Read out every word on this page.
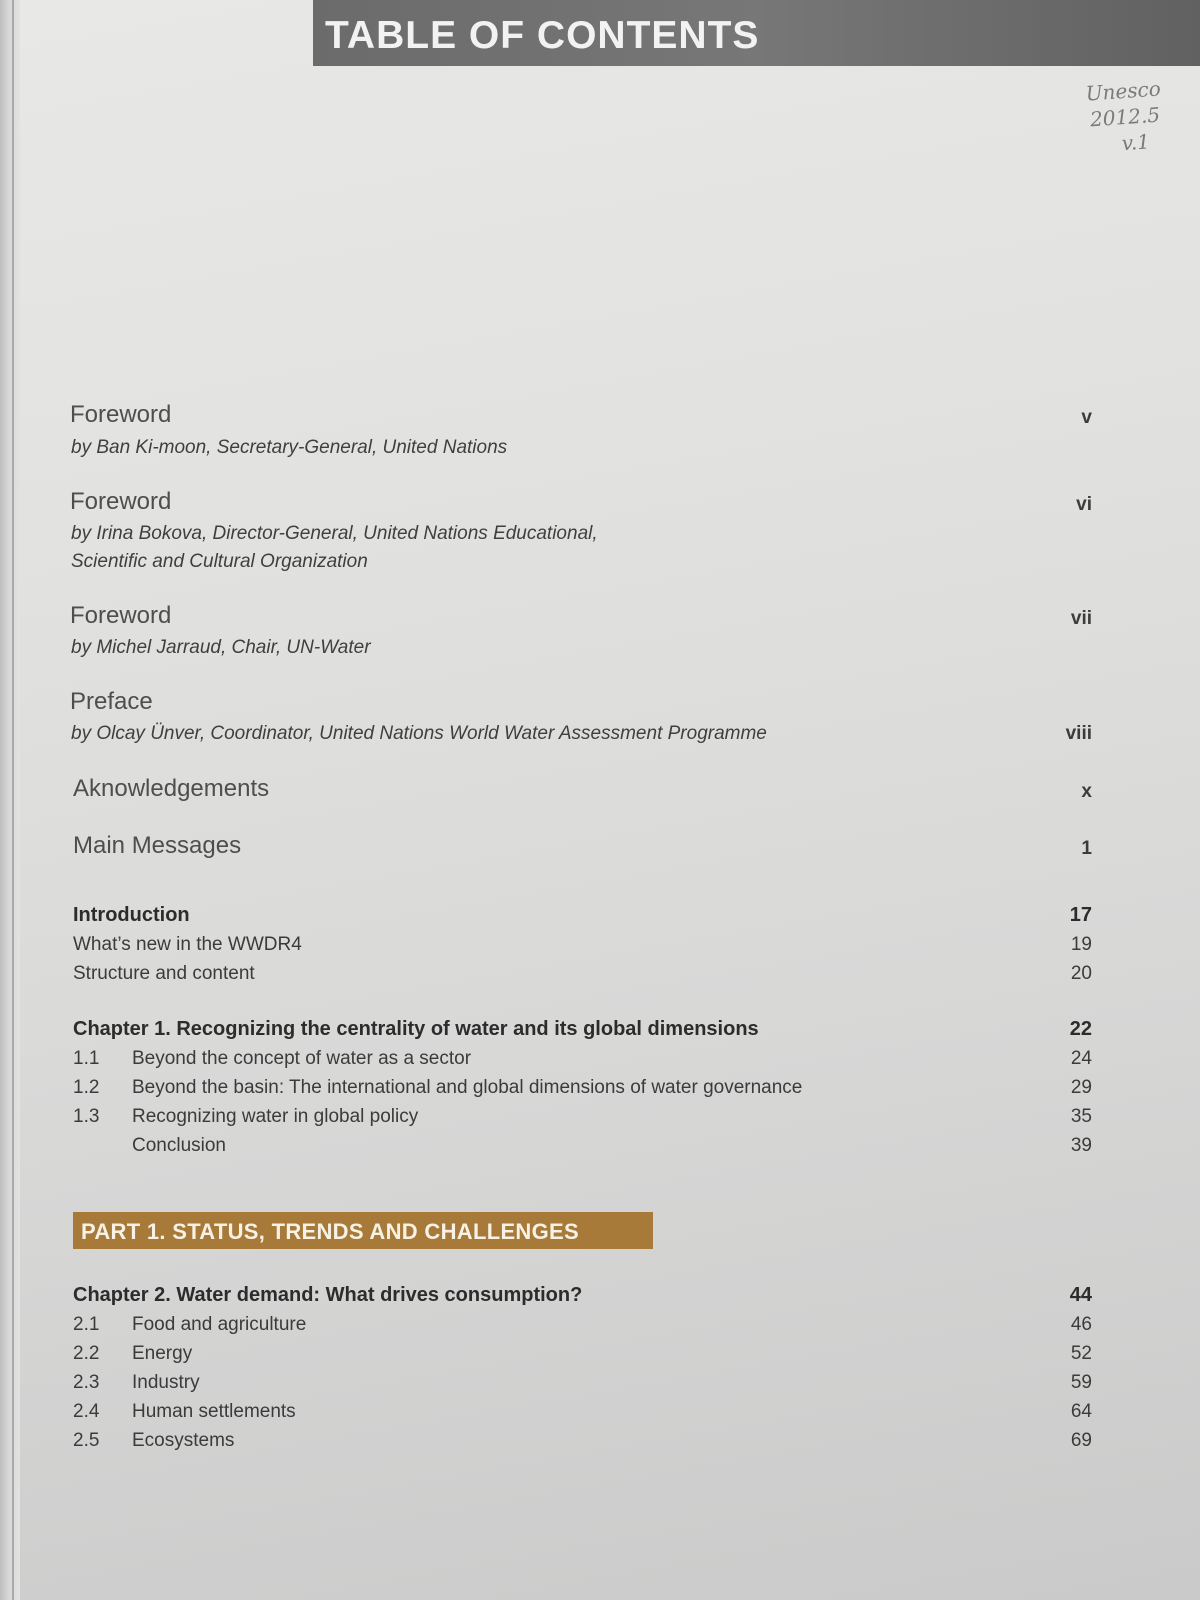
TABLE OF CONTENTS
Unesco
2012.5
v.1
Foreword	v
by Ban Ki-moon, Secretary-General, United Nations
Foreword	vi
by Irina Bokova, Director-General, United Nations Educational,
Scientific and Cultural Organization
Foreword	vii
by Michel Jarraud, Chair, UN-Water
Preface
by Olcay Ünver, Coordinator, United Nations World Water Assessment Programme	viii
Aknowledgements	x
Main Messages	1
Introduction	17
What’s new in the WWDR4	19
Structure and content	20
Chapter 1. Recognizing the centrality of water and its global dimensions	22
1.1 Beyond the concept of water as a sector	24
1.2 Beyond the basin: The international and global dimensions of water governance	29
1.3 Recognizing water in global policy	35
Conclusion	39
PART 1. STATUS, TRENDS AND CHALLENGES
Chapter 2. Water demand: What drives consumption?	44
2.1 Food and agriculture	46
2.2 Energy	52
2.3 Industry	59
2.4 Human settlements	64
2.5 Ecosystems	69
